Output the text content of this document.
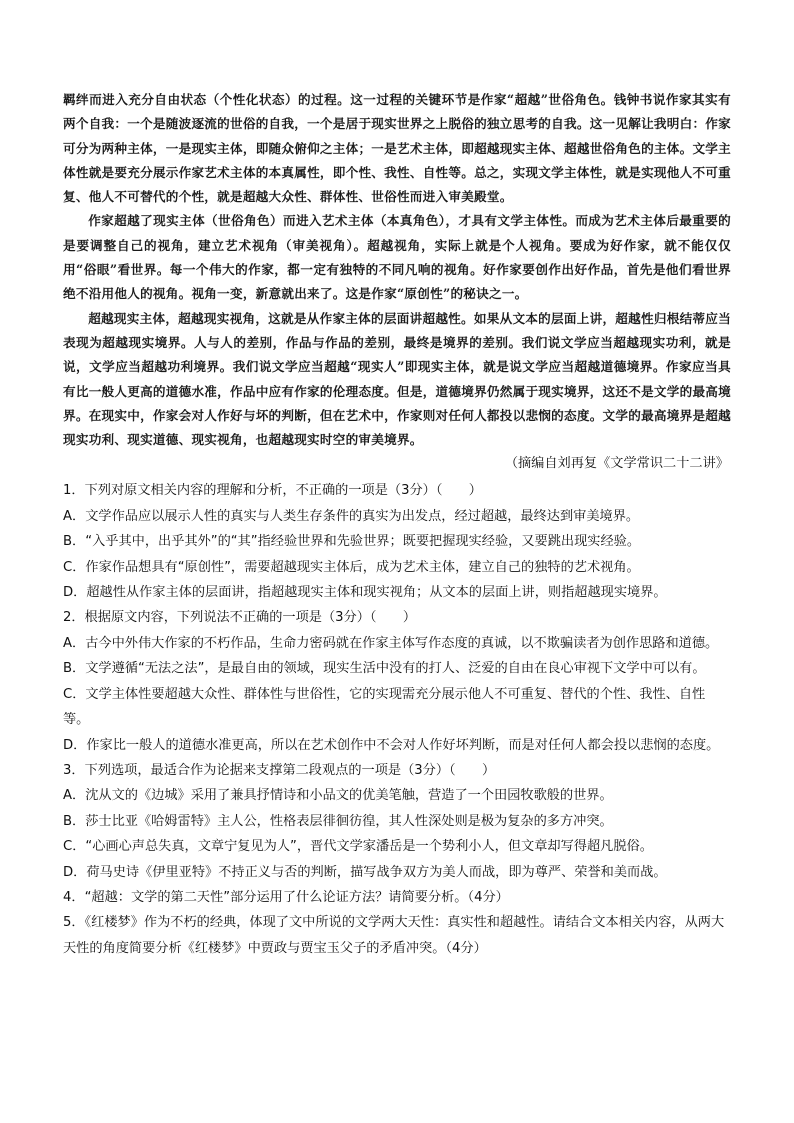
羁绊而进入充分自由状态（个性化状态）的过程。这一过程的关键环节是作家“超越”世俗角色。钱钟书说作家其实有两个自我：一个是随波逐流的世俗的自我，一个是居于现实世界之上脱俗的独立思考的自我。这一见解让我明白：作家可分为两种主体，一是现实主体，即随众俯仰之主体；一是艺术主体，即超越现实主体、超越世俗角色的主体。文学主体性就是要充分展示作家艺术主体的本真属性，即个性、我性、自性等。总之，实现文学主体性，就是实现他人不可重复、他人不可替代的个性，就是超越大众性、群体性、世俗性而进入审美殿堂。

作家超越了现实主体（世俗角色）而进入艺术主体（本真角色），才具有文学主体性。而成为艺术主体后最重要的是要调整自己的视角，建立艺术视角（审美视角）。超越视角，实际上就是个人视角。要成为好作家，就不能仅仅用“俗眼”看世界。每一个伟大的作家，都一定有独特的不同凡响的视角。好作家要创作出好作品，首先是他们看世界绝不沿用他人的视角。视角一变，新意就出来了。这是作家“原创性”的秘诀之一。

超越现实主体，超越现实视角，这就是从作家主体的层面讲超越性。如果从文本的层面上讲，超越性归根结蒂应当表现为超越现实境界。人与人的差别，作品与作品的差别，最终是境界的差别。我们说文学应当超越现实功利，就是说，文学应当超越功利境界。我们说文学应当超越“现实人”即现实主体，就是说文学应当超越道德境界。作家应当具有比一般人更高的道德水准，作品中应有作家的伦理态度。但是，道德境界仍然属于现实境界，这还不是文学的最高境界。在现实中，作家会对人作好与坏的判断，但在艺术中，作家则对任何人都投以悲悯的态度。文学的最高境界是超越现实功利、现实道德、现实视角，也超越现实时空的审美境界。

（摘编自刘再复《文学常识二十二讲》

1．下列对原文相关内容的理解和分析，不正确的一项是（3分）（　　）

A．文学作品应以展示人性的真实与人类生存条件的真实为出发点，经过超越，最终达到审美境界。

B．“入乎其中，出乎其外”的“其”指经验世界和先验世界；既要把握现实经验，又要跳出现实经验。

C．作家作品想具有“原创性”，需要超越现实主体后，成为艺术主体，建立自己的独特的艺术视角。

D．超越性从作家主体的层面讲，指超越现实主体和现实视角；从文本的层面上讲，则指超越现实境界。

2．根据原文内容，下列说法不正确的一项是（3分）（　　）

A．古今中外伟大作家的不朽作品，生命力密码就在作家主体写作态度的真诚，以不欺骗读者为创作思路和道德。

B．文学遵循“无法之法”，是最自由的领域，现实生活中没有的打人、泛爱的自由在良心审视下文学中可以有。

C．文学主体性要超越大众性、群体性与世俗性，它的实现需充分展示他人不可重复、替代的个性、我性、自性等。

D．作家比一般人的道德水准更高，所以在艺术创作中不会对人作好坏判断，而是对任何人都会投以悲悯的态度。

3．下列选项，最适合作为论据来支撑第二段观点的一项是（3分）（　　）

A．沈从文的《边城》采用了兼具抒情诗和小品文的优美笔触，营造了一个田园牧歌般的世界。

B．莎士比亚《哈姆雷特》主人公，性格表层徘徊彷徨，其人性深处则是极为复杂的多方冲突。

C．“心画心声总失真，文章宁复见为人”，晋代文学家潘岳是一个势利小人，但文章却写得超凡脱俗。

D．荷马史诗《伊里亚特》不持正义与否的判断，描写战争双方为美人而战，即为尊严、荣誉和美而战。

4．“超越：文学的第二天性”部分运用了什么论证方法？请简要分析。（4分）

5．《红楼梦》作为不朽的经典，体现了文中所说的文学两大天性：真实性和超越性。请结合文本相关内容，从两大天性的角度简要分析《红楼梦》中贾政与贾宝玉父子的矛盾冲突。（4分）
